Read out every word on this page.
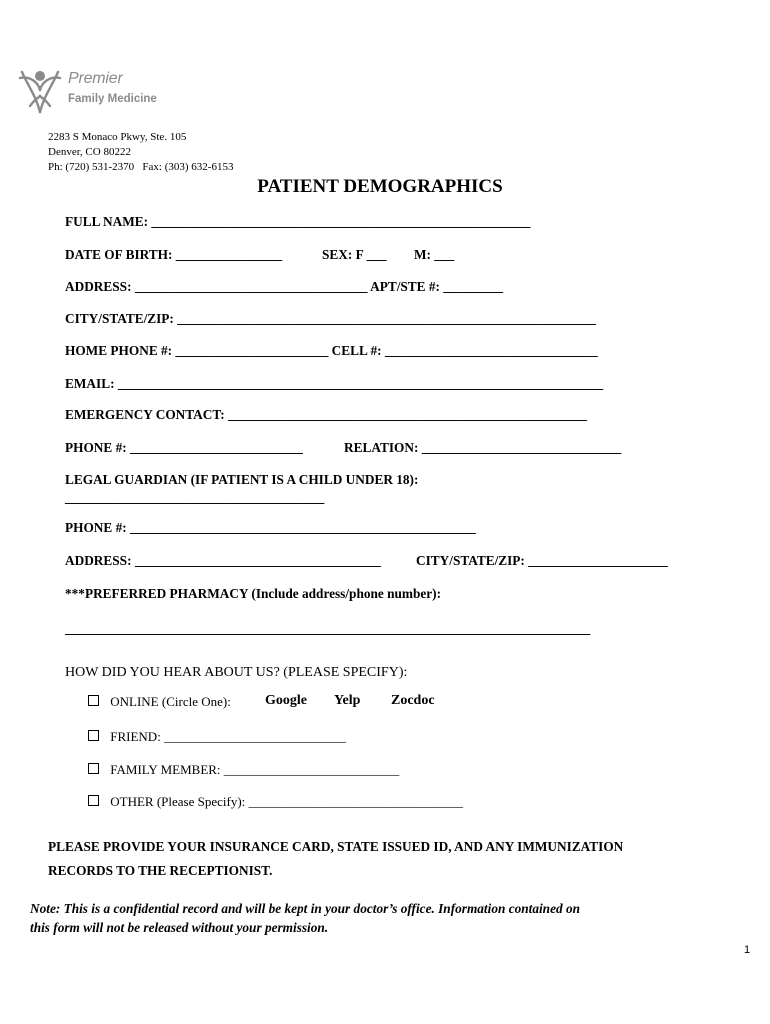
Premier
Family Medicine
2283 S Monaco Pkwy, Ste. 105
Denver, CO 80222
Ph: (720) 531-2370   Fax: (303) 632-6153
PATIENT DEMOGRAPHICS
FULL NAME: _________________________________________________________
DATE OF BIRTH: ________________	SEX: F ___ M: ___
ADDRESS: ___________________________________ APT/STE #: _________
CITY/STATE/ZIP: _______________________________________________________________
HOME PHONE #: _______________________ CELL #: ________________________________
EMAIL: _________________________________________________________________________
EMERGENCY CONTACT: ______________________________________________________
PHONE #: __________________________	RELATION: ______________________________
LEGAL GUARDIAN (IF PATIENT IS A CHILD UNDER 18):
_______________________________________
PHONE #: ____________________________________________________
ADDRESS: _____________________________________	CITY/STATE/ZIP: _____________________
***PREFERRED PHARMACY (Include address/phone number):
_______________________________________________________________________________
HOW DID YOU HEAR ABOUT US? (PLEASE SPECIFY):
ONLINE (Circle One): Google Yelp Zocdoc
FRIEND: ____________________________
FAMILY MEMBER: ___________________________
OTHER (Please Specify): _________________________________
PLEASE PROVIDE YOUR INSURANCE CARD, STATE ISSUED ID, AND ANY IMMUNIZATION
RECORDS TO THE RECEPTIONIST.
Note: This is a confidential record and will be kept in your doctor’s office. Information contained on
this form will not be released without your permission.
1
